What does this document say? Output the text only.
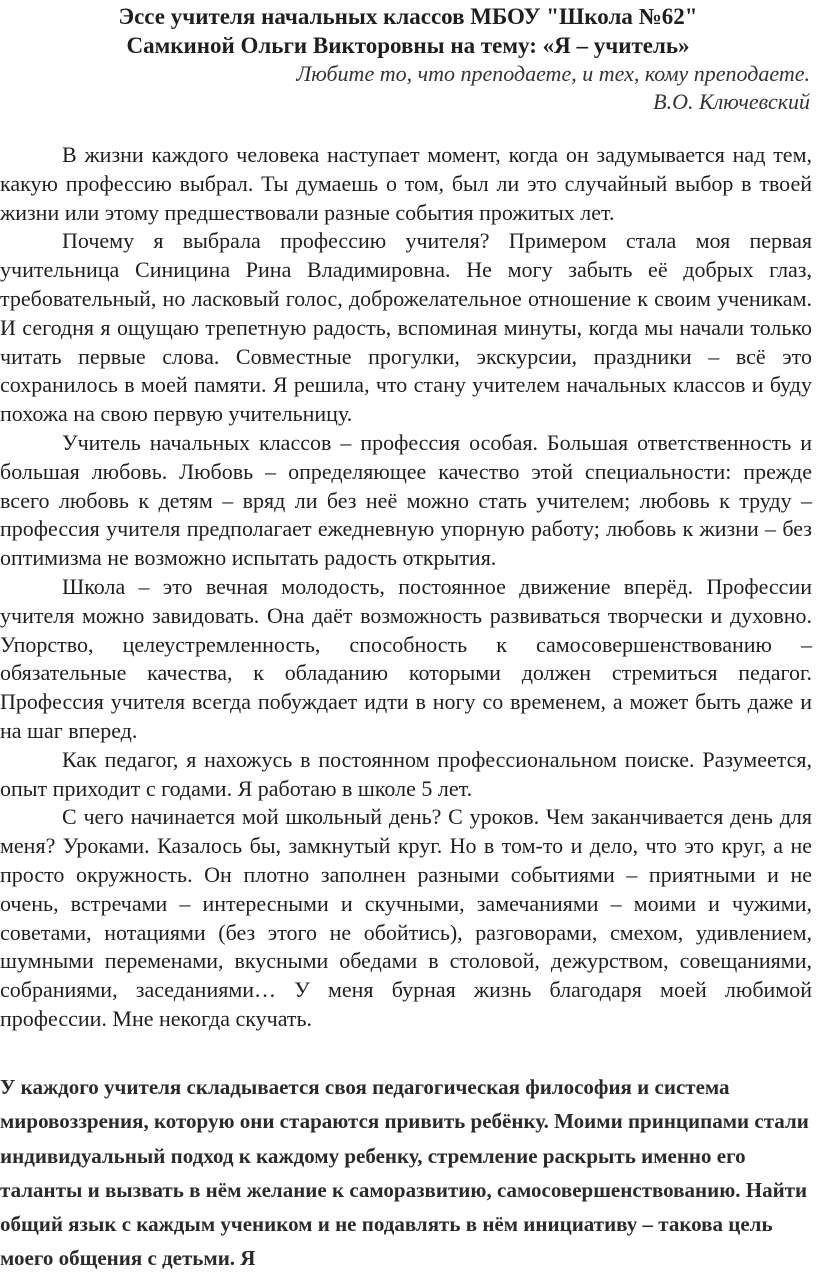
Эссе учителя начальных классов МБОУ "Школа №62"
Самкиной Ольги Викторовны на тему: «Я – учитель»
Любите то, что преподаете, и тех, кому преподаете.
В.О. Ключевский

В жизни каждого человека наступает момент, когда он задумывается над тем, какую профессию выбрал. Ты думаешь о том, был ли это случайный выбор в твоей жизни или этому предшествовали разные события прожитых лет.

Почему я выбрала профессию учителя? Примером стала моя первая учительница Синицина Рина Владимировна. Не могу забыть её добрых глаз, требовательный, но ласковый голос, доброжелательное отношение к своим ученикам. И сегодня я ощущаю трепетную радость, вспоминая минуты, когда мы начали только читать первые слова. Совместные прогулки, экскурсии, праздники – всё это сохранилось в моей памяти. Я решила, что стану учителем начальных классов и буду похожа на свою первую учительницу.

Учитель начальных классов – профессия особая. Большая ответственность и большая любовь. Любовь – определяющее качество этой специальности: прежде всего любовь к детям – вряд ли без неё можно стать учителем; любовь к труду – профессия учителя предполагает ежедневную упорную работу; любовь к жизни – без оптимизма не возможно испытать радость открытия.

Школа – это вечная молодость, постоянное движение вперёд. Профессии учителя можно завидовать. Она даёт возможность развиваться творчески и духовно. Упорство, целеустремленность, способность к самосовершенствованию – обязательные качества, к обладанию которыми должен стремиться педагог. Профессия учителя всегда побуждает идти в ногу со временем, а может быть даже и на шаг вперед.

Как педагог, я нахожусь в постоянном профессиональном поиске. Разумеется, опыт приходит с годами. Я работаю в школе 5 лет.

С чего начинается мой школьный день? С уроков. Чем заканчивается день для меня? Уроками. Казалось бы, замкнутый круг. Но в том-то и дело, что это круг, а не просто окружность. Он плотно заполнен разными событиями – приятными и не очень, встречами – интересными и скучными, замечаниями – моими и чужими, советами, нотациями (без этого не обойтись), разговорами, смехом, удивлением, шумными переменами, вкусными обедами в столовой, дежурством, совещаниями, собраниями, заседаниями… У меня бурная жизнь благодаря моей любимой профессии. Мне некогда скучать.

У каждого учителя складывается своя педагогическая философия и система мировоззрения, которую они стараются привить ребёнку. Моими принципами стали индивидуальный подход к каждому ребенку, стремление раскрыть именно его таланты и вызвать в нём желание к саморазвитию, самосовершенствованию. Найти общий язык с каждым учеником и не подавлять в нём инициативу – такова цель моего общения с детьми. Я
